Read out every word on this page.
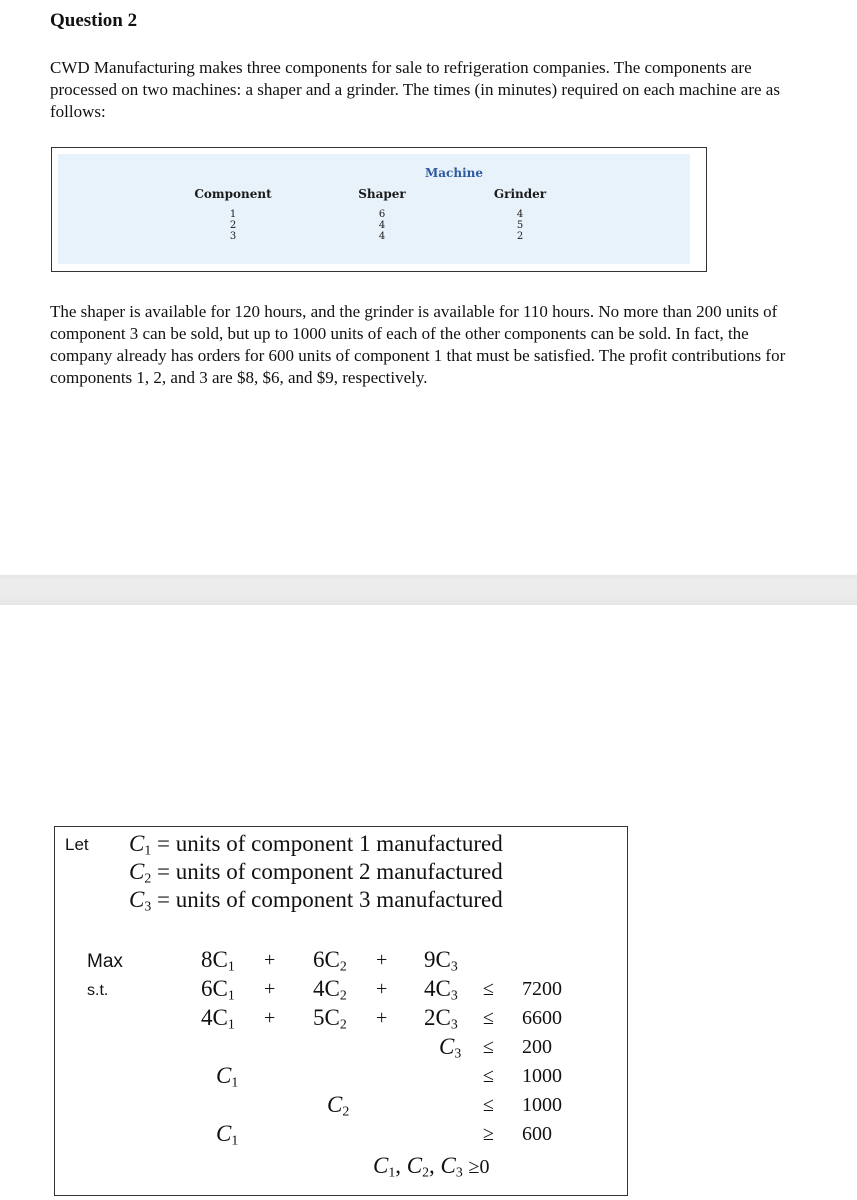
Question 2
CWD Manufacturing makes three components for sale to refrigeration companies. The components are processed on two machines: a shaper and a grinder. The times (in minutes) required on each machine are as follows:
Machine
Component	Shaper	Grinder
1	6	4
2	4	5
3	4	2
The shaper is available for 120 hours, and the grinder is available for 110 hours. No more than 200 units of component 3 can be sold, but up to 1000 units of each of the other components can be sold. In fact, the company already has orders for 600 units of component 1 that must be satisfied. The profit contributions for components 1, 2, and 3 are $8, $6, and $9, respectively.
Let $C_1$ = units of component 1 manufactured
$C_2$ = units of component 2 manufactured
$C_3$ = units of component 3 manufactured
Max
s.t.
$8C_1 + 6C_2 + 9C_3$
$6C_1 + 4C_2 + 4C_3 \le 7200$
$4C_1 + 5C_2 + 2C_3 \le 6600$
$C_3 \le 200$
$C_1$	≤ 1000
$C_2$	≤ 1000
$C_1$	≥ 600
$C_1$, $C_2$, $C_3 \ge 0$
